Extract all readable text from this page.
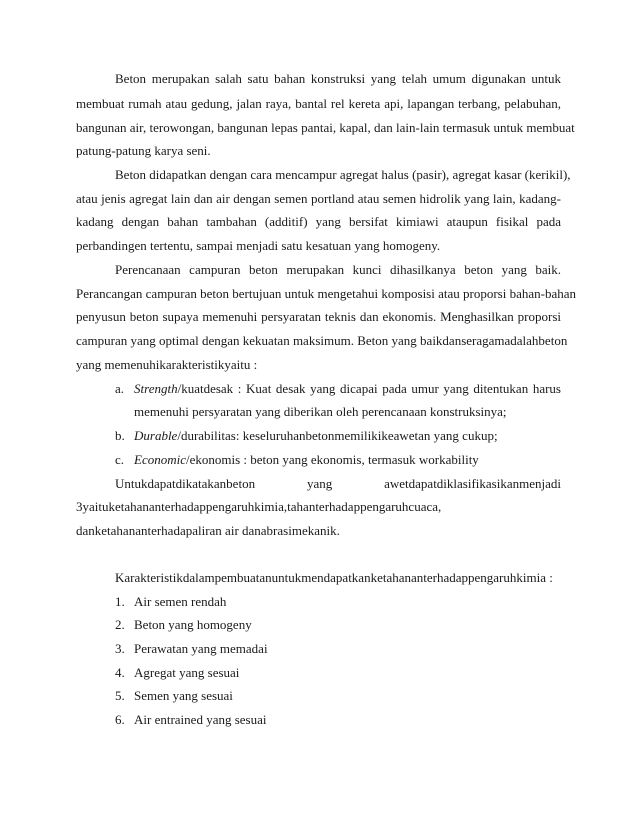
Beton merupakan salah satu bahan konstruksi yang telah umum digunakan untuk
membuat rumah atau gedung, jalan raya, bantal rel kereta api, lapangan terbang, pelabuhan,
bangunan air, terowongan, bangunan lepas pantai, kapal, dan lain-lain termasuk untuk membuat
patung-patung karya seni.
Beton didapatkan dengan cara mencampur agregat halus (pasir), agregat kasar (kerikil),
atau jenis agregat lain dan air dengan semen portland atau semen hidrolik yang lain, kadang-
kadang dengan bahan tambahan (additif) yang bersifat kimiawi ataupun fisikal pada
perbandingen tertentu, sampai menjadi satu kesatuan yang homogeny.
Perencanaan campuran beton merupakan kunci dihasilkanya beton yang baik.
Perancangan campuran beton bertujuan untuk mengetahui komposisi atau proporsi bahan-bahan
penyusun beton supaya memenuhi persyaratan teknis dan ekonomis. Menghasilkan proporsi
campuran yang optimal dengan kekuatan maksimum. Beton yang baikdanseragamadalahbeton
yang memenuhikarakteristikyaitu :
a. Strength/kuatdesak : Kuat desak yang dicapai pada umur yang ditentukan harus
memenuhi persyaratan yang diberikan oleh perencanaan konstruksinya;
b. Durable/durabilitas: keseluruhanbetonmemilikikeawetan yang cukup;
c. Economic/ekonomis : beton yang ekonomis, termasuk workability
Untukdapatdikatakanbeton	yang	awetdapatdiklasifikasikanmenjadi
3yaituketahananterhadappengaruhkimia,tahanterhadappengaruhcuaca,
danketahananterhadapaliran air danabrasimekanik.
Karakteristikdalampembuatanuntukmendapatkanketahananterhadappengaruhkimia :
1. Air semen rendah
2. Beton yang homogeny
3. Perawatan yang memadai
4. Agregat yang sesuai
5. Semen yang sesuai
6. Air entrained yang sesuai
